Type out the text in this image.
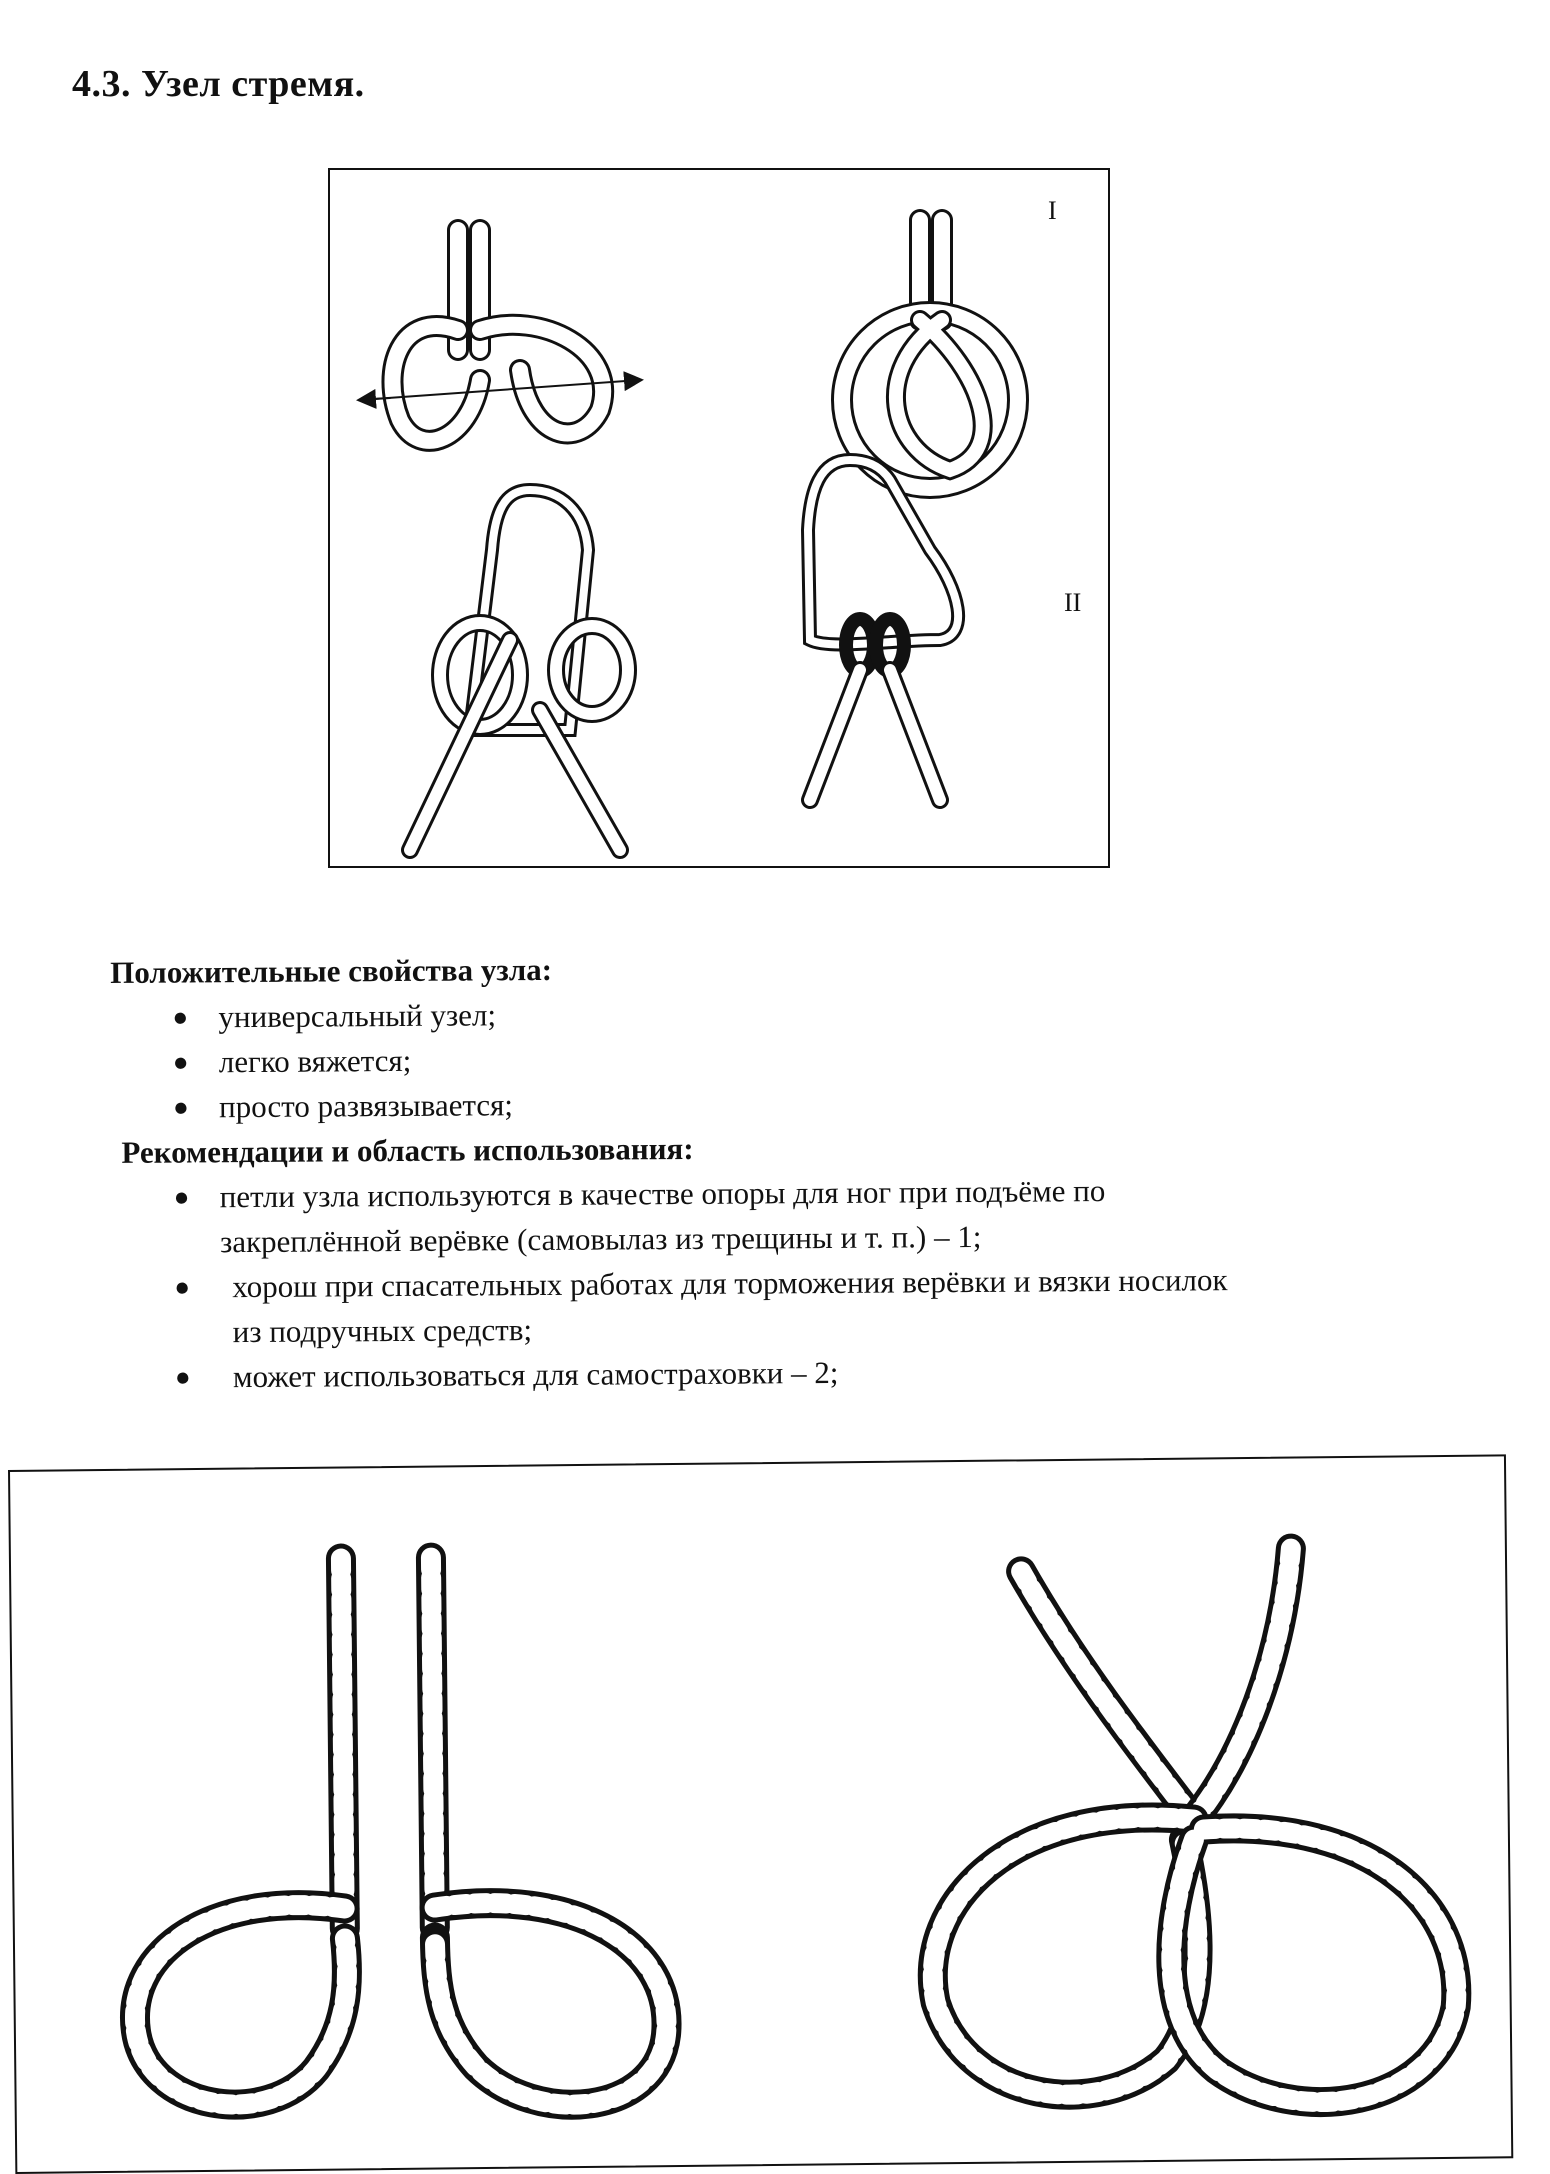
4.3. Узел стремя.
I
II

Положительные свойства узла:

● универсальный узел;
● легко вяжется;
● просто развязывается;

Рекомендации и область использования:

● петли узла используются в качестве опоры для ног при подъёме по
закреплённой верёвке (самовылаз из трещины и т. п.) – 1;
● хорош при спасательных работах для торможения верёвки и вязки носилок
из подручных средств;
● может использоваться для самостраховки – 2;
